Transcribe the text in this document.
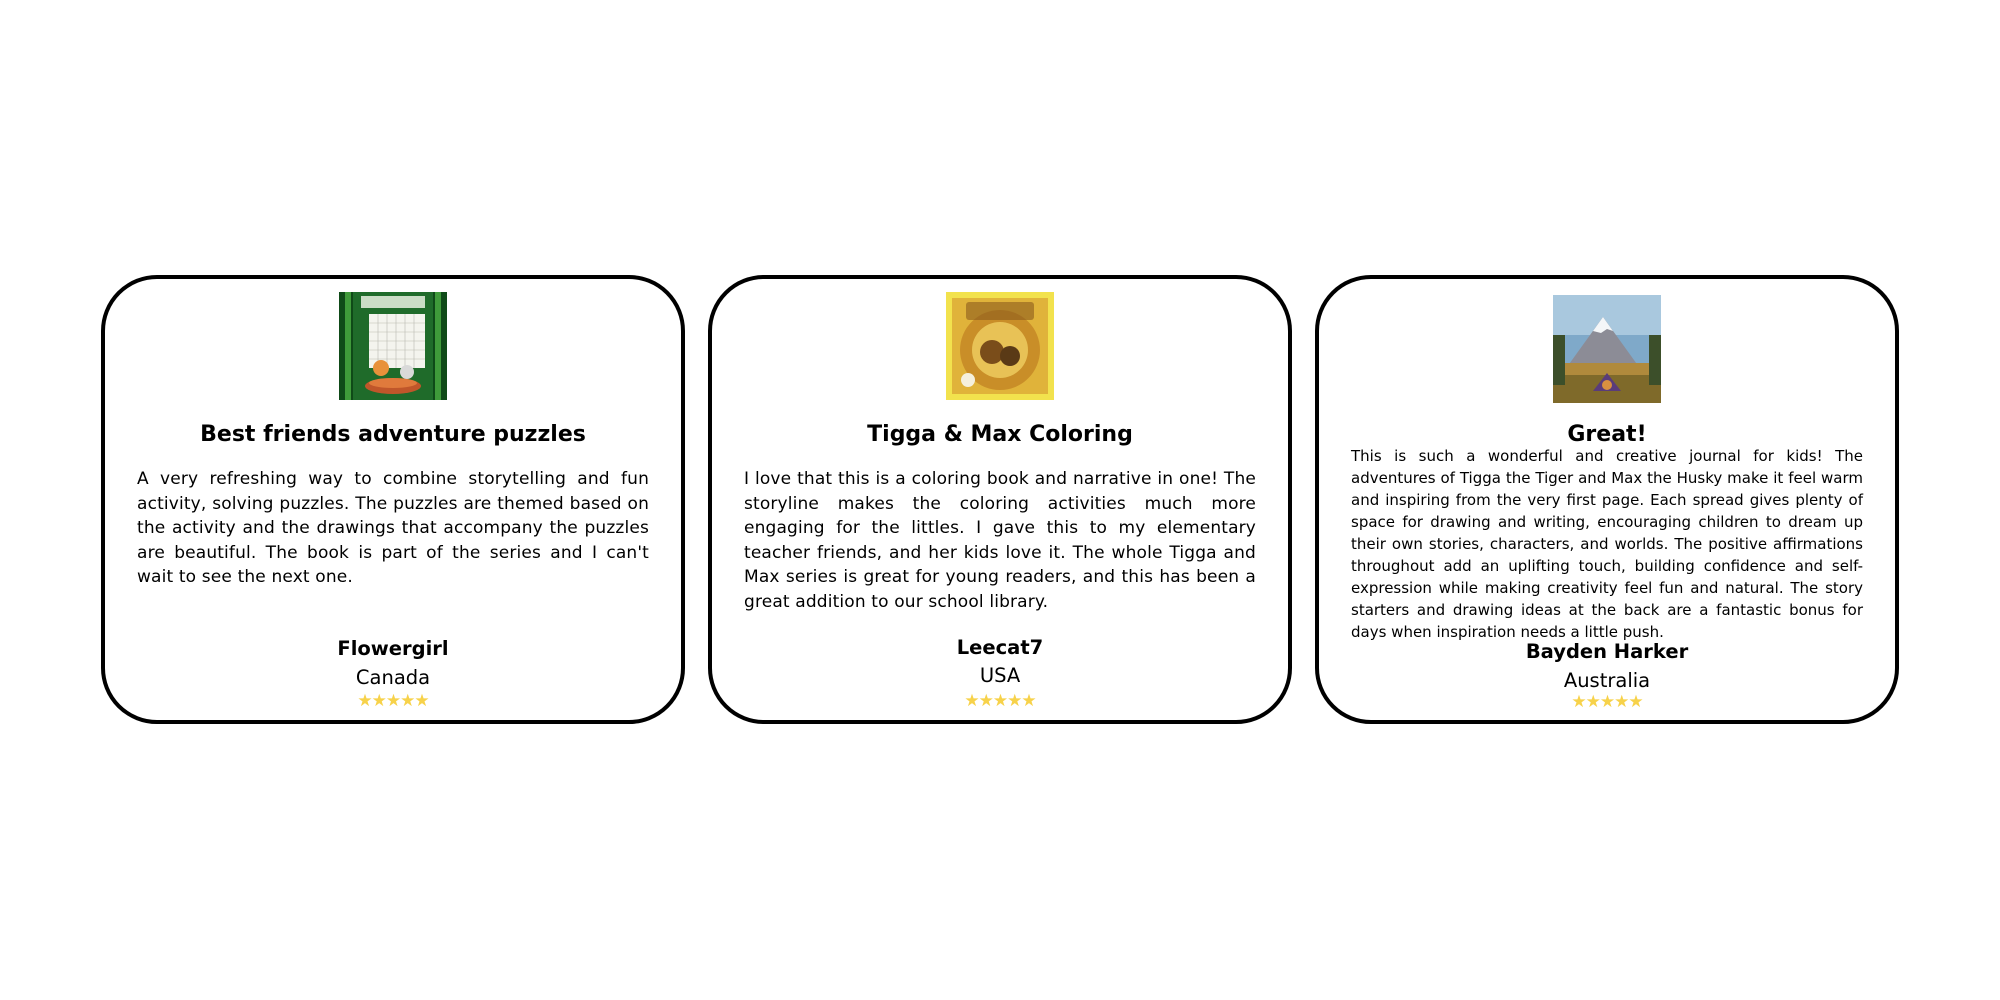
Best friends adventure puzzles

A very refreshing way to combine storytelling and fun activity, solving puzzles. The puzzles are themed based on the activity and the drawings that accompany the puzzles are beautiful. The book is part of the series and I can't wait to see the next one.

Flowergirl
Canada
★★★★★
Tigga & Max Coloring

I love that this is a coloring book and narrative in one! The storyline makes the coloring activities much more engaging for the littles. I gave this to my elementary teacher friends, and her kids love it. The whole Tigga and Max series is great for young readers, and this has been a great addition to our school library.

Leecat7
USA
★★★★★
Great!

This is such a wonderful and creative journal for kids! The adventures of Tigga the Tiger and Max the Husky make it feel warm and inspiring from the very first page. Each spread gives plenty of space for drawing and writing, encouraging children to dream up their own stories, characters, and worlds. The positive affirmations throughout add an uplifting touch, building confidence and self-expression while making creativity feel fun and natural. The story starters and drawing ideas at the back are a fantastic bonus for days when inspiration needs a little push.

Bayden Harker
Australia
★★★★★
